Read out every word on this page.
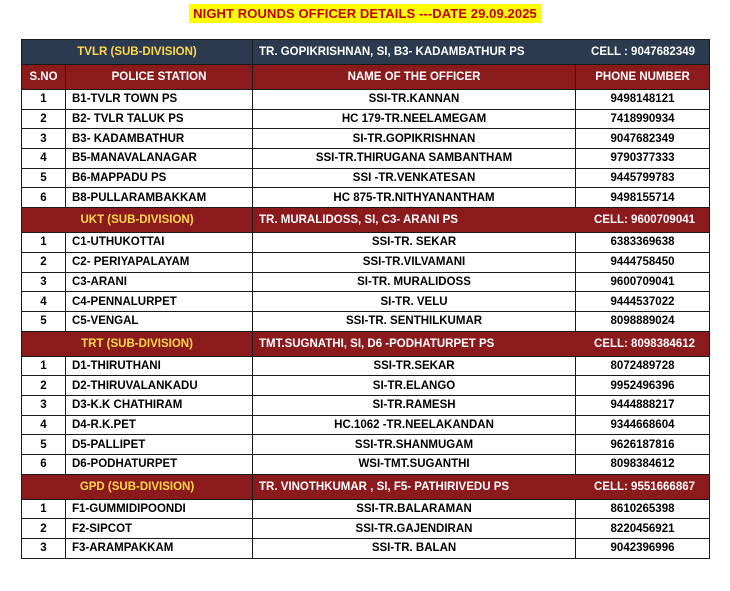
NIGHT ROUNDS OFFICER DETAILS ---DATE 29.09.2025
TVLR (SUB-DIVISION)		TR. GOPIKRISHNAN, SI, B3- KADAMBATHUR PS	CELL : 9047682349
S.NO	POLICE STATION	NAME OF THE OFFICER	PHONE NUMBER
1	B1-TVLR TOWN PS	SSI-TR.KANNAN	9498148121
2	B2- TVLR TALUK PS	HC 179-TR.NEELAMEGAM	7418990934
3	B3- KADAMBATHUR	SI-TR.GOPIKRISHNAN	9047682349
4	B5-MANAVALANAGAR	SSI-TR.THIRUGANA SAMBANTHAM	9790377333
5	B6-MAPPADU PS	SSI -TR.VENKATESAN	9445799783
6	B8-PULLARAMBAKKAM	HC 875-TR.NITHYANANTHAM	9498155714
UKT (SUB-DIVISION)		TR. MURALIDOSS, SI, C3- ARANI PS	CELL: 9600709041
1	C1-UTHUKOTTAI	SSI-TR. SEKAR	6383369638
2	C2- PERIYAPALAYAM	SSI-TR.VILVAMANI	9444758450
3	C3-ARANI	SI-TR. MURALIDOSS	9600709041
4	C4-PENNALURPET	SI-TR. VELU	9444537022
5	C5-VENGAL	SSI-TR. SENTHILKUMAR	8098889024
TRT (SUB-DIVISION)		TMT.SUGNATHI, SI, D6 -PODHATURPET PS	CELL: 8098384612
1	D1-THIRUTHANI	SSI-TR.SEKAR	8072489728
2	D2-THIRUVALANKADU	SI-TR.ELANGO	9952496396
3	D3-K.K CHATHIRAM	SI-TR.RAMESH	9444888217
4	D4-R.K.PET	HC.1062 -TR.NEELAKANDAN	9344668604
5	D5-PALLIPET	SSI-TR.SHANMUGAM	9626187816
6	D6-PODHATURPET	WSI-TMT.SUGANTHI	8098384612
GPD (SUB-DIVISION)		TR. VINOTHKUMAR , SI, F5- PATHIRIVEDU PS	CELL: 9551666867
1	F1-GUMMIDIPOONDI	SSI-TR.BALARAMAN	8610265398
2	F2-SIPCOT	SSI-TR.GAJENDIRAN	8220456921
3	F3-ARAMPAKKAM	SSI-TR. BALAN	9042396996
